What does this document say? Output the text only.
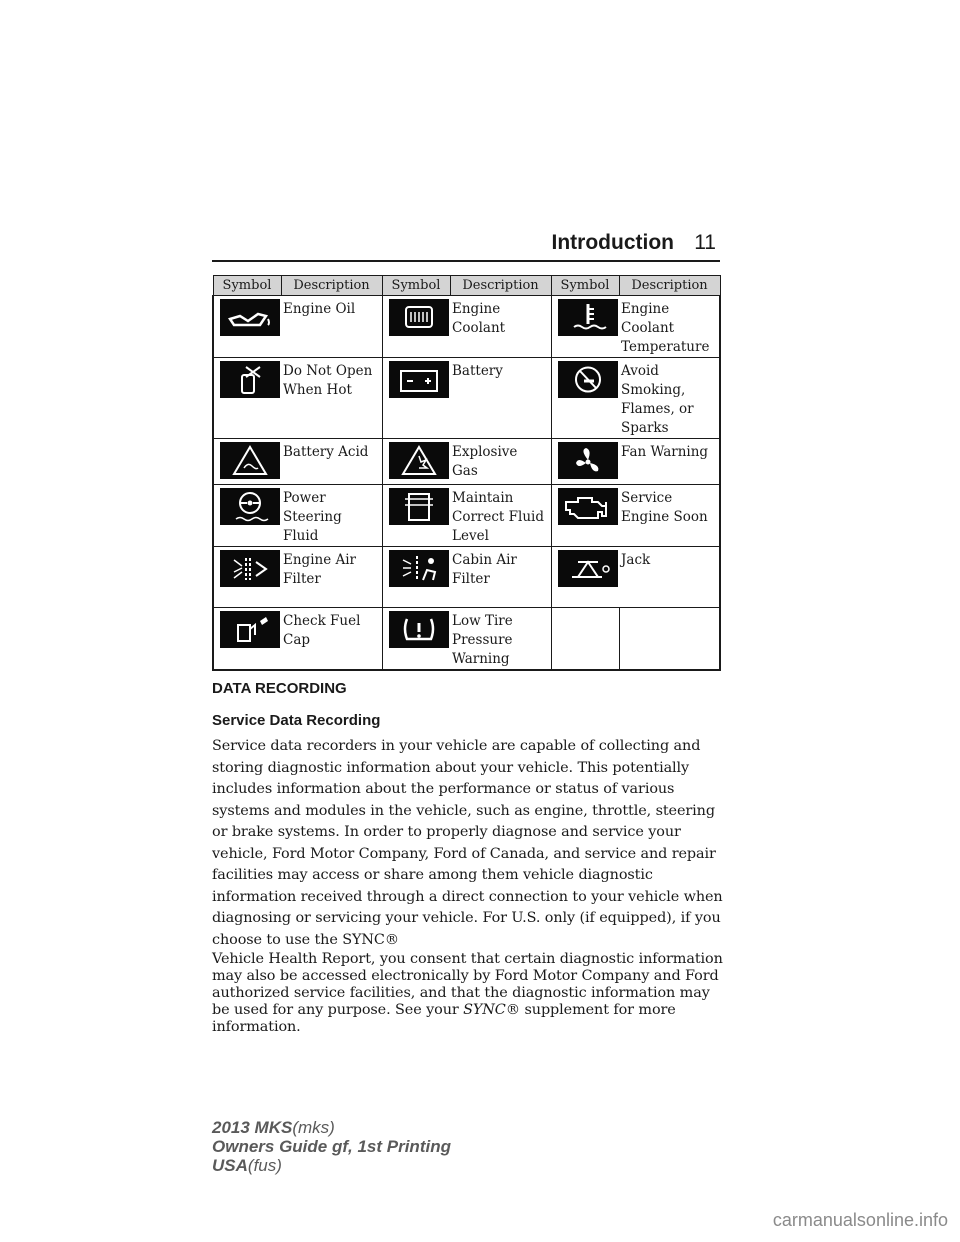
Introduction 11
Symbol	Description	Symbol	Description	Symbol	Description

	Engine Oil		Engine Coolant		Engine Coolant Temperature

	Do Not Open When Hot		Battery		Avoid Smoking, Flames, or Sparks

	Battery Acid		Explosive Gas		Fan Warning

	Power Steering Fluid		Maintain Correct Fluid Level		Service Engine Soon

	Engine Air Filter		Cabin Air Filter		Jack

	Check Fuel Cap		Low Tire Pressure Warning		
DATA RECORDING
Service Data Recording
Service data recorders in your vehicle are capable of collecting and storing diagnostic information about your vehicle. This potentially includes information about the performance or status of various systems and modules in the vehicle, such as engine, throttle, steering or brake systems. In order to properly diagnose and service your vehicle, Ford Motor Company, Ford of Canada, and service and repair facilities may access or share among them vehicle diagnostic information received through a direct connection to your vehicle when diagnosing or servicing your vehicle. For U.S. only (if equipped), if you choose to use the SYNC®
Vehicle Health Report, you consent that certain diagnostic information may also be accessed electronically by Ford Motor Company and Ford authorized service facilities, and that the diagnostic information may be used for any purpose. See your SYNC® supplement for more information.
2013 MKS(mks)
Owners Guide gf, 1st Printing
USA(fus)
carmanualsonline.info
